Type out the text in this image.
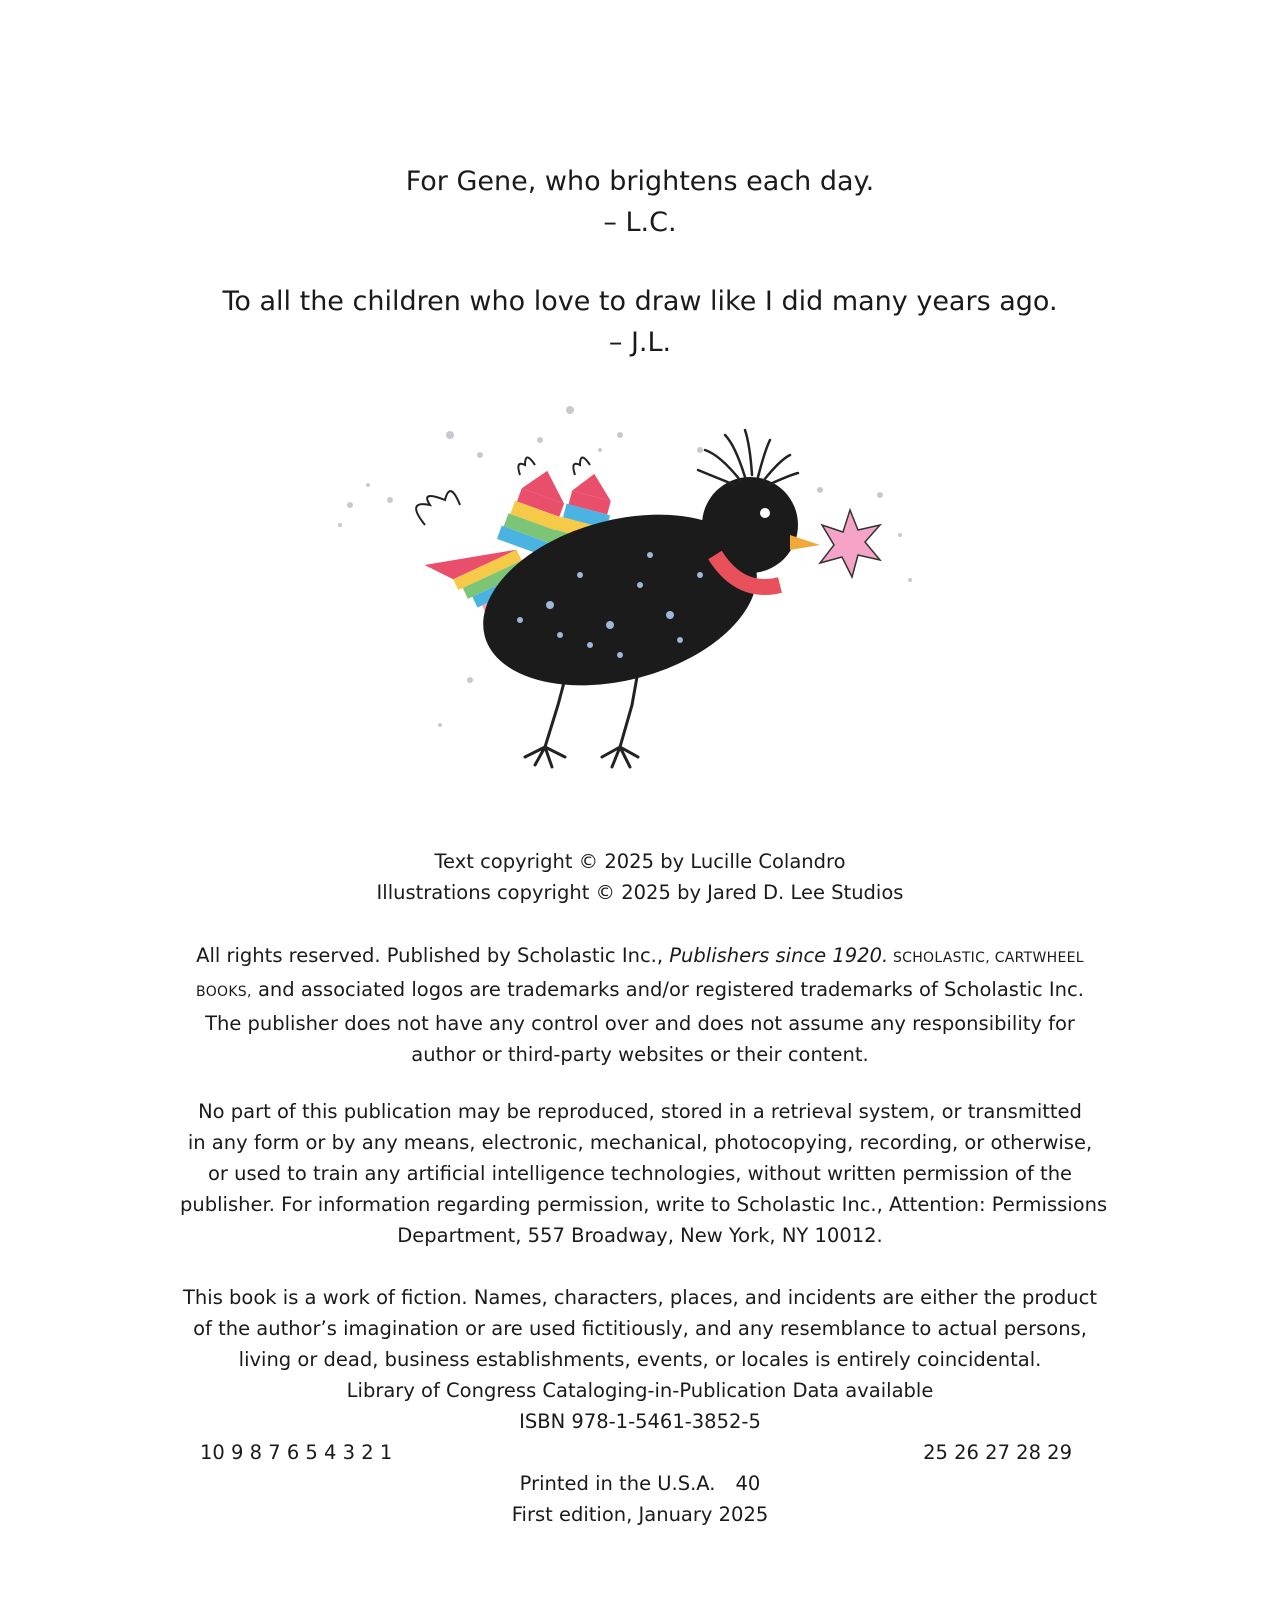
For Gene, who brightens each day.
– L.C.
To all the children who love to draw like I did many years ago.
– J.L.
Text copyright © 2025 by Lucille Colandro
Illustrations copyright © 2025 by Jared D. Lee Studios
All rights reserved. Published by Scholastic Inc., Publishers since 1920. SCHOLASTIC, CARTWHEEL
BOOKS, and associated logos are trademarks and/or registered trademarks of Scholastic Inc.
The publisher does not have any control over and does not assume any responsibility for
author or third-party websites or their content.
No part of this publication may be reproduced, stored in a retrieval system, or transmitted
in any form or by any means, electronic, mechanical, photocopying, recording, or otherwise,
or used to train any artificial intelligence technologies, without written permission of the
publisher. For information regarding permission, write to Scholastic Inc., Attention: Permissions
Department, 557 Broadway, New York, NY 10012.
This book is a work of fiction. Names, characters, places, and incidents are either the product
of the author’s imagination or are used fictitiously, and any resemblance to actual persons,
living or dead, business establishments, events, or locales is entirely coincidental.
Library of Congress Cataloging-in-Publication Data available
ISBN 978-1-5461-3852-5
10 9 8 7 6 5 4 3 2 1	25 26 27 28 29
Printed in the U.S.A. 40
First edition, January 2025
